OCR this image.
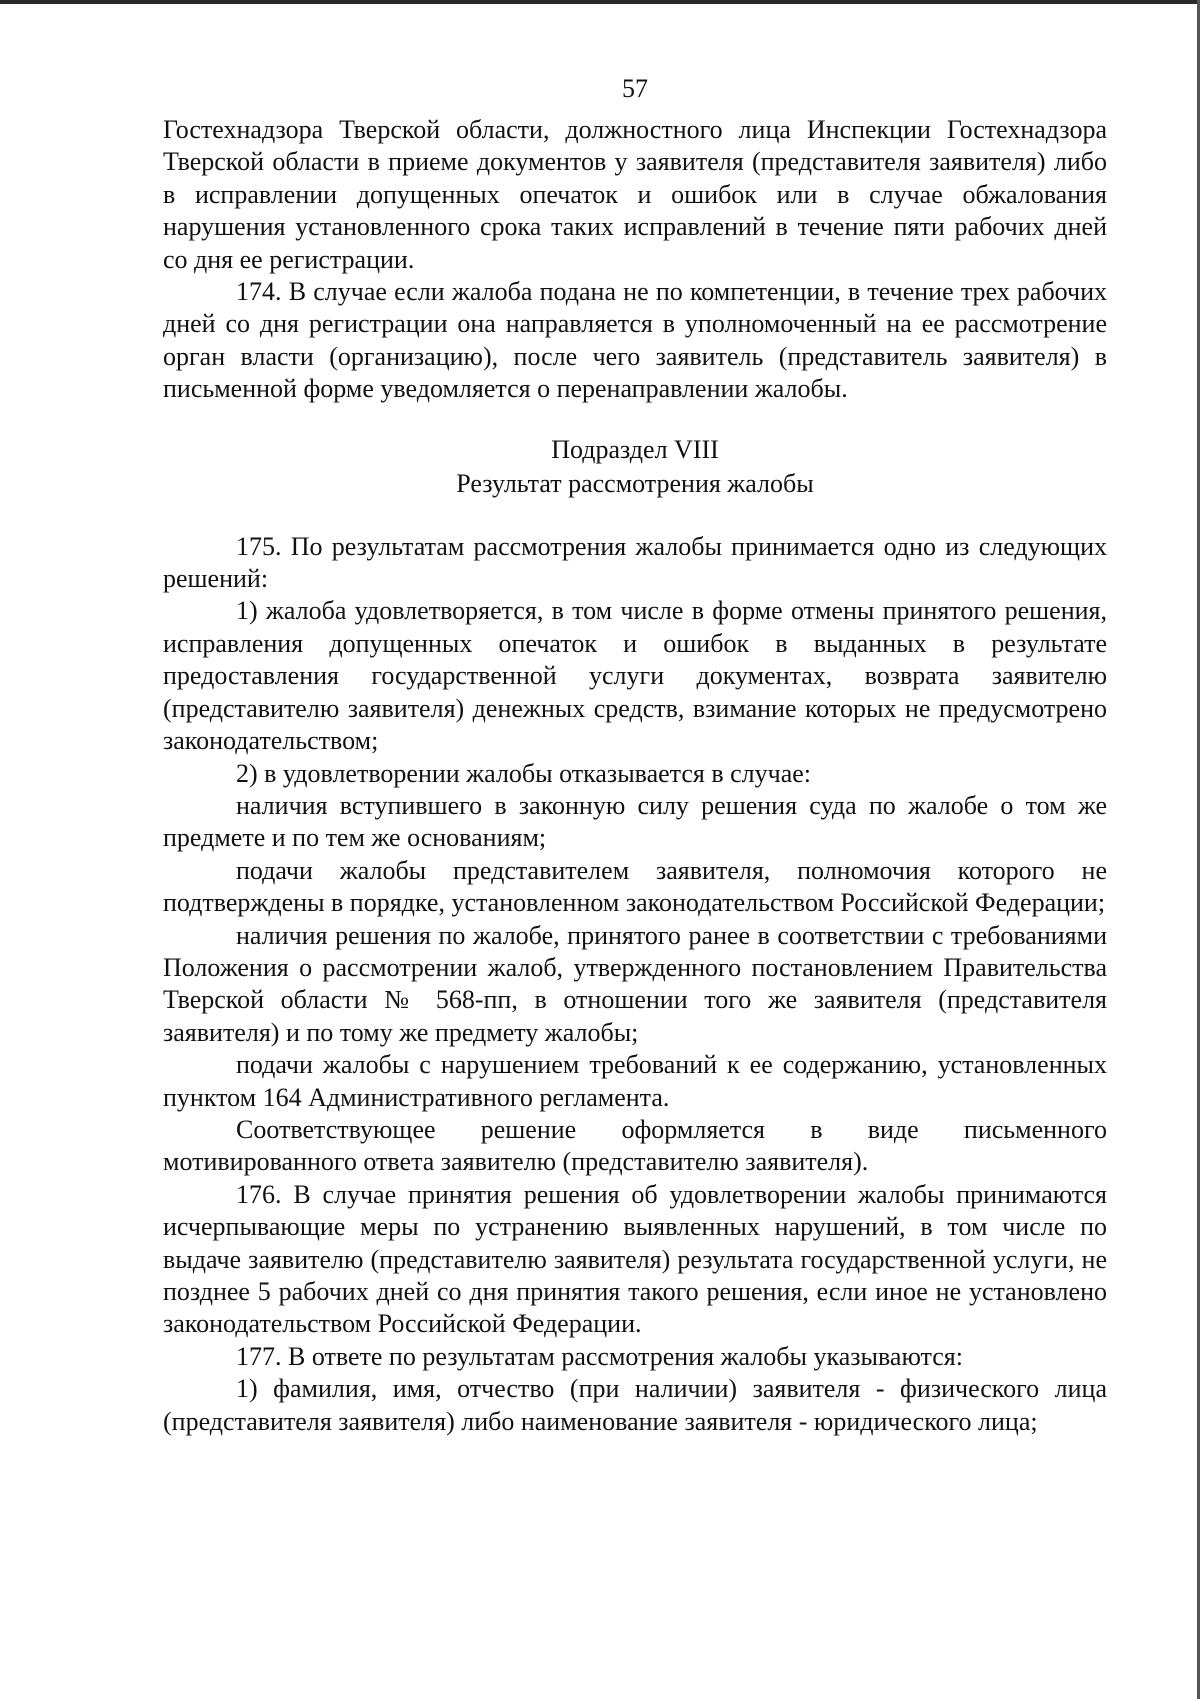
57

Гостехнадзора Тверской области, должностного лица Инспекции Гостехнадзора Тверской области в приеме документов у заявителя (представителя заявителя) либо в исправлении допущенных опечаток и ошибок или в случае обжалования нарушения установленного срока таких исправлений в течение пяти рабочих дней со дня ее регистрации.

174. В случае если жалоба подана не по компетенции, в течение трех рабочих дней со дня регистрации она направляется в уполномоченный на ее рассмотрение орган власти (организацию), после чего заявитель (представитель заявителя) в письменной форме уведомляется о перенаправлении жалобы.

Подраздел VIII
Результат рассмотрения жалобы

175. По результатам рассмотрения жалобы принимается одно из следующих решений:

1) жалоба удовлетворяется, в том числе в форме отмены принятого решения, исправления допущенных опечаток и ошибок в выданных в результате предоставления государственной услуги документах, возврата заявителю (представителю заявителя) денежных средств, взимание которых не предусмотрено законодательством;

2) в удовлетворении жалобы отказывается в случае:

наличия вступившего в законную силу решения суда по жалобе о том же предмете и по тем же основаниям;

подачи жалобы представителем заявителя, полномочия которого не подтверждены в порядке, установленном законодательством Российской Федерации;

наличия решения по жалобе, принятого ранее в соответствии с требованиями Положения о рассмотрении жалоб, утвержденного постановлением Правительства Тверской области № 568-пп, в отношении того же заявителя (представителя заявителя) и по тому же предмету жалобы;

подачи жалобы с нарушением требований к ее содержанию, установленных пунктом 164 Административного регламента.

Соответствующее решение оформляется в виде письменного мотивированного ответа заявителю (представителю заявителя).

176. В случае принятия решения об удовлетворении жалобы принимаются исчерпывающие меры по устранению выявленных нарушений, в том числе по выдаче заявителю (представителю заявителя) результата государственной услуги, не позднее 5 рабочих дней со дня принятия такого решения, если иное не установлено законодательством Российской Федерации.

177. В ответе по результатам рассмотрения жалобы указываются:

1) фамилия, имя, отчество (при наличии) заявителя - физического лица (представителя заявителя) либо наименование заявителя - юридического лица;
